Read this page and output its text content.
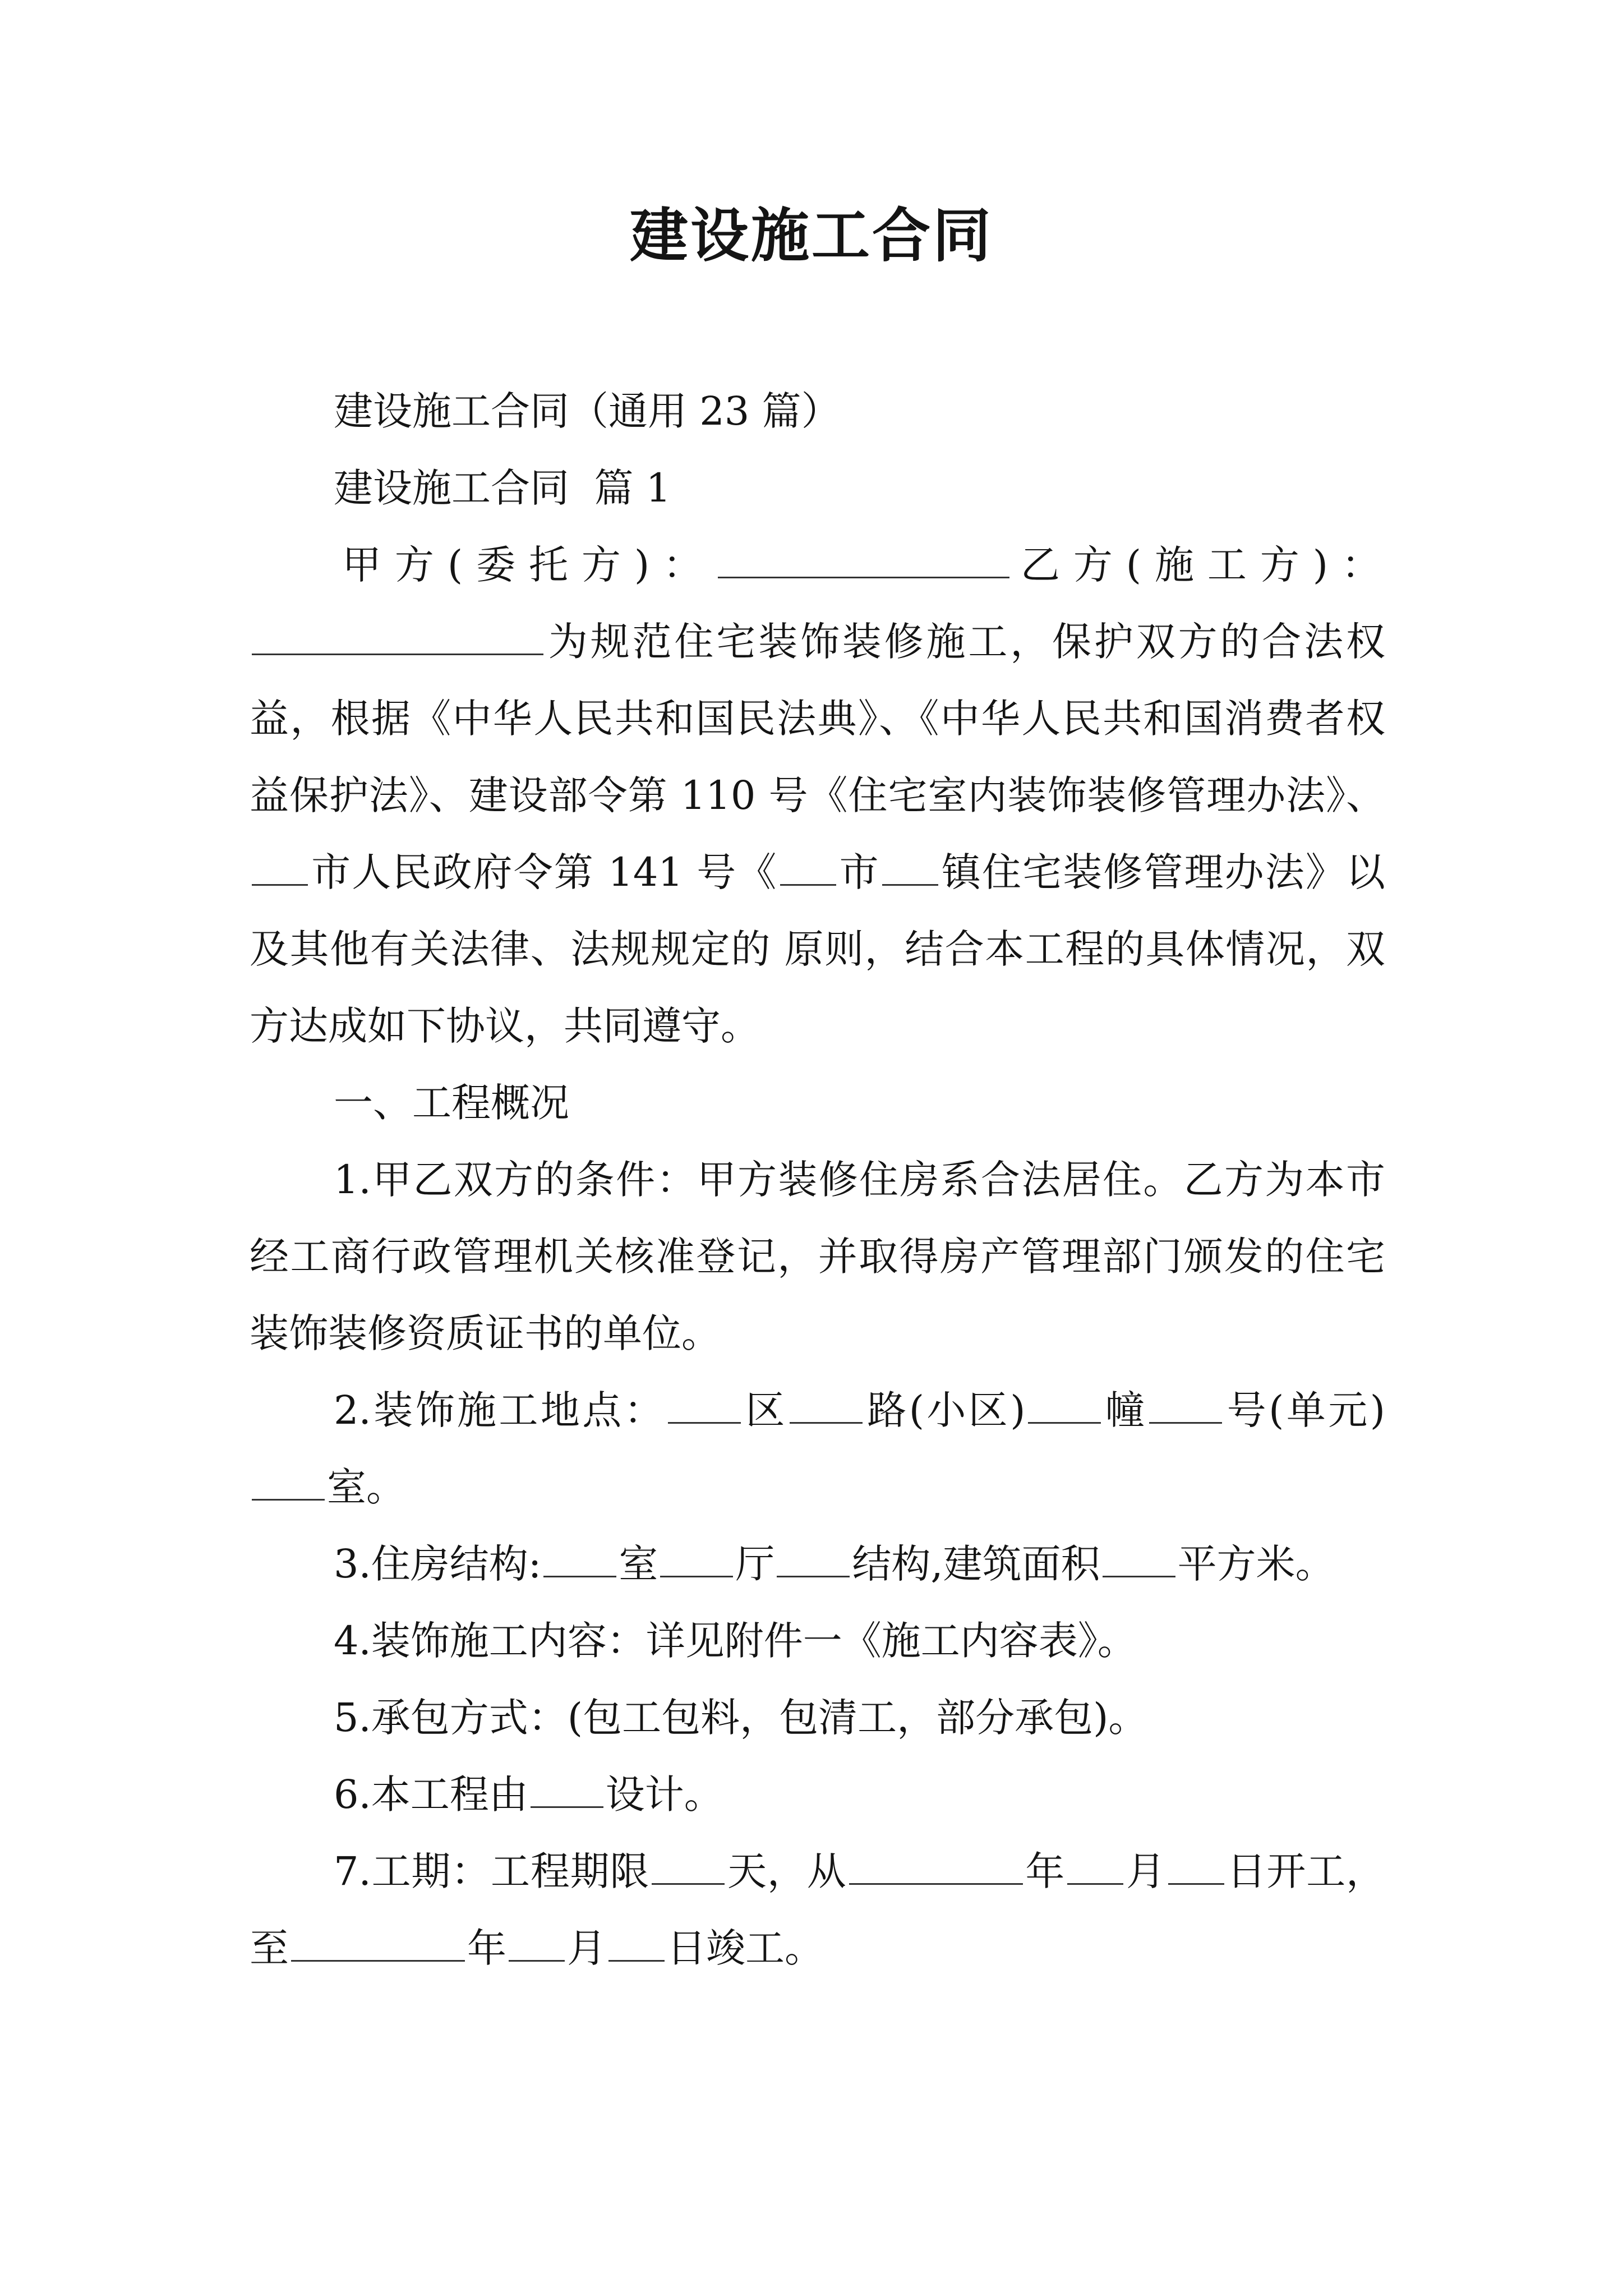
建设施工合同

建设施工合同（通用 23 篇）

建设施工合同  篇 1

甲方(委托方)：	乙方(施工方)：

为规范住宅装饰装修施工，保护双方的合法权益，根据《中华人民共和国民法典》、《中华人民共和国消费者权益保护法》、建设部令第 110 号《住宅室内装饰装修管理办法》、市人民政府令第 141 号《 市 镇住宅装修管理办法》以及其他有关法律、法规规定的 原则，结合本工程的具体情况，双方达成如下协议，共同遵守。

一、工程概况

1.甲乙双方的条件：甲方装修住房系合法居住。乙方为本市经工商行政管理机关核准登记，并取得房产管理部门颁发的住宅装饰装修资质证书的单位。

2.装饰施工地点： 区 路(小区) 幢 号(单元)室。

3.住房结构: 室 厅 结构,建筑面积 平方米。

4.装饰施工内容：详见附件一《施工内容表》。

5.承包方式：(包工包料，包清工，部分承包)。

6.本工程由 设计。

7.工期：工程期限 天，从	年 月 日开工，至	年 月 日竣工。
